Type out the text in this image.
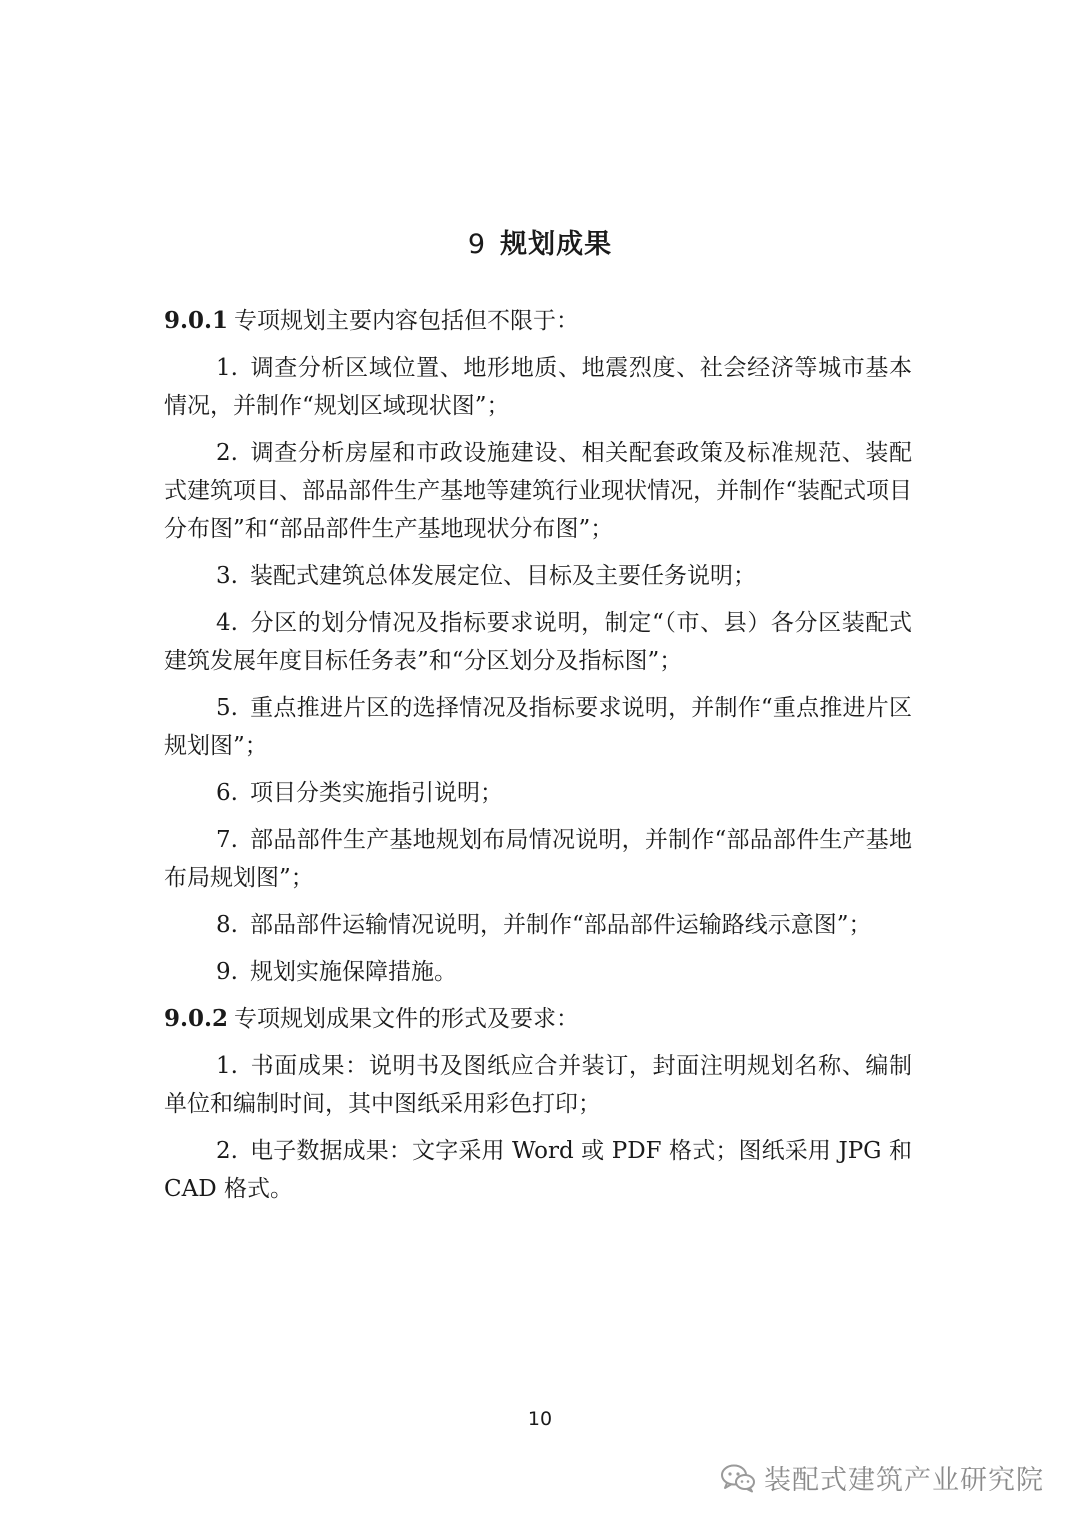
9 规划成果

9.0.1 专项规划主要内容包括但不限于：

1. 调查分析区域位置、地形地质、地震烈度、社会经济等城市基本情况，并制作“规划区域现状图”；

2. 调查分析房屋和市政设施建设、相关配套政策及标准规范、装配式建筑项目、部品部件生产基地等建筑行业现状情况，并制作“装配式项目分布图”和“部品部件生产基地现状分布图”；

3. 装配式建筑总体发展定位、目标及主要任务说明；

4. 分区的划分情况及指标要求说明，制定“（市、县）各分区装配式建筑发展年度目标任务表”和“分区划分及指标图”；

5. 重点推进片区的选择情况及指标要求说明，并制作“重点推进片区规划图”；

6. 项目分类实施指引说明；

7. 部品部件生产基地规划布局情况说明，并制作“部品部件生产基地布局规划图”；

8. 部品部件运输情况说明，并制作“部品部件运输路线示意图”；

9. 规划实施保障措施。

9.0.2 专项规划成果文件的形式及要求：

1. 书面成果：说明书及图纸应合并装订，封面注明规划名称、编制单位和编制时间，其中图纸采用彩色打印；

2. 电子数据成果：文字采用 Word 或 PDF 格式；图纸采用 JPG 和 CAD 格式。

10
装配式建筑产业研究院
